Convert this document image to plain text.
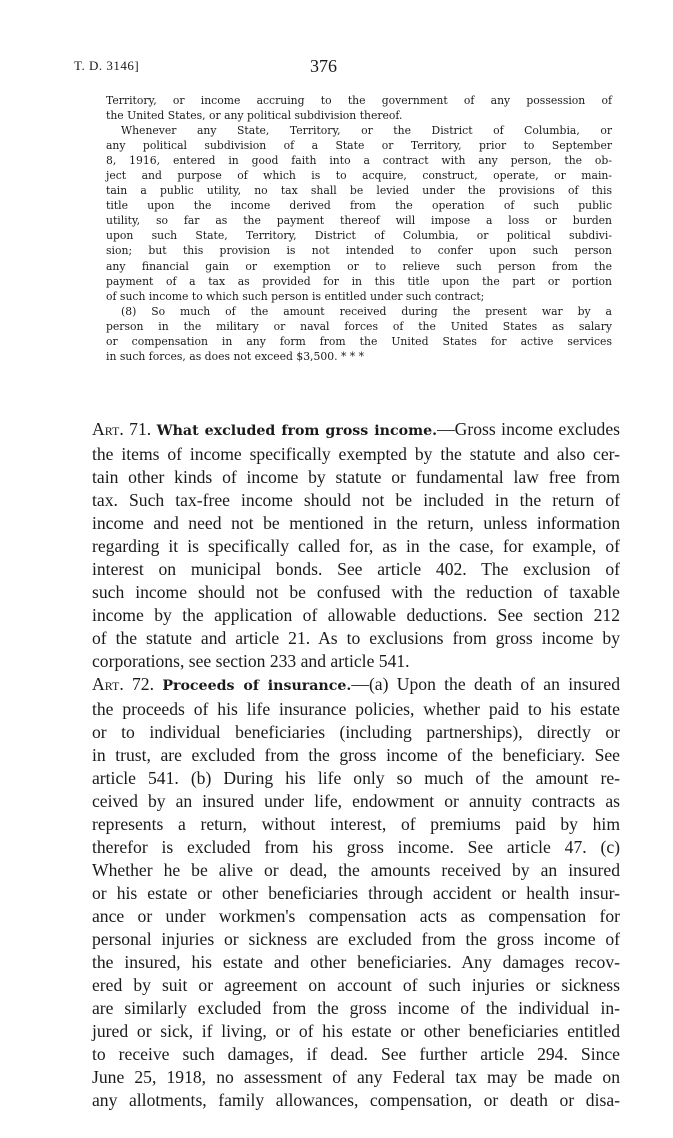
T. D. 3146]	376

Territory, or income accruing to the government of any possession of
the United States, or any political subdivision thereof.

Whenever any State, Territory, or the District of Columbia, or
any political subdivision of a State or Territory, prior to September
8, 1916, entered in good faith into a contract with any person, the ob-
ject and purpose of which is to acquire, construct, operate, or main-
tain a public utility, no tax shall be levied under the provisions of this
title upon the income derived from the operation of such public
utility, so far as the payment thereof will impose a loss or burden
upon such State, Territory, District of Columbia, or political subdivi-
sion; but this provision is not intended to confer upon such person
any financial gain or exemption or to relieve such person from the
payment of a tax as provided for in this title upon the part or portion
of such income to which such person is entitled under such contract;

(8) So much of the amount received during the present war by a
person in the military or naval forces of the United States as salary
or compensation in any form from the United States for active services
in such forces, as does not exceed $3,500. * * *

Art. 71. What excluded from gross income.—Gross income excludes
the items of income specifically exempted by the statute and also cer-
tain other kinds of income by statute or fundamental law free from
tax. Such tax-free income should not be included in the return of
income and need not be mentioned in the return, unless information
regarding it is specifically called for, as in the case, for example, of
interest on municipal bonds. See article 402. The exclusion of
such income should not be confused with the reduction of taxable
income by the application of allowable deductions. See section 212
of the statute and article 21. As to exclusions from gross income by
corporations, see section 233 and article 541.

Art. 72. Proceeds of insurance.—(a) Upon the death of an insured
the proceeds of his life insurance policies, whether paid to his estate
or to individual beneficiaries (including partnerships), directly or
in trust, are excluded from the gross income of the beneficiary. See
article 541. (b) During his life only so much of the amount re-
ceived by an insured under life, endowment or annuity contracts as
represents a return, without interest, of premiums paid by him
therefor is excluded from his gross income. See article 47. (c)
Whether he be alive or dead, the amounts received by an insured
or his estate or other beneficiaries through accident or health insur-
ance or under workmen's compensation acts as compensation for
personal injuries or sickness are excluded from the gross income of
the insured, his estate and other beneficiaries. Any damages recov-
ered by suit or agreement on account of such injuries or sickness
are similarly excluded from the gross income of the individual in-
jured or sick, if living, or of his estate or other beneficiaries entitled
to receive such damages, if dead. See further article 294. Since
June 25, 1918, no assessment of any Federal tax may be made on
any allotments, family allowances, compensation, or death or disa-
